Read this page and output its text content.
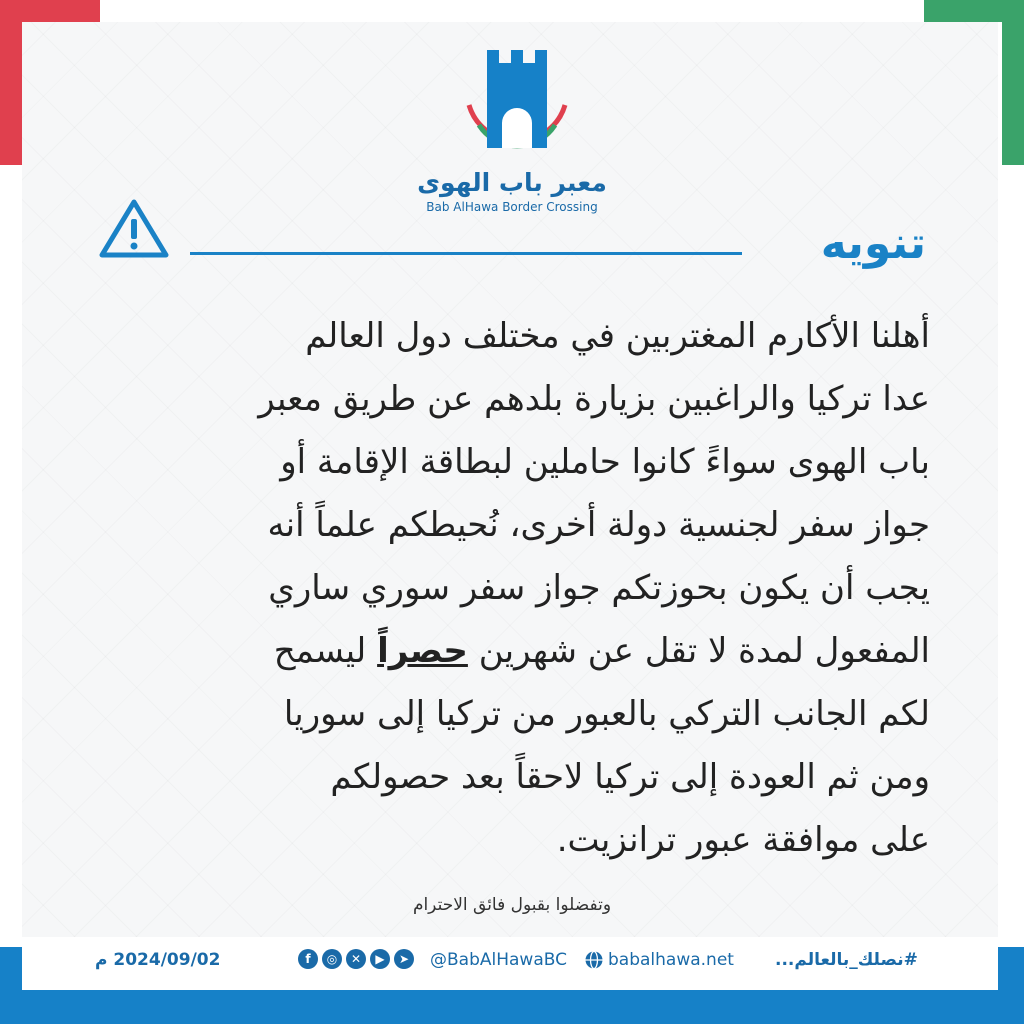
معبر باب الهوى
Bab AlHawa Border Crossing
تنويه

أهلنا الأكارم المغتربين في مختلف دول العالم

عدا تركيا والراغبين بزيارة بلدهم عن طريق معبر

باب الهوى سواءً كانوا حاملين لبطاقة الإقامة أو

جواز سفر لجنسية دولة أخرى، نُحيطكم علماً أنه

يجب أن يكون بحوزتكم جواز سفر سوري ساري

المفعول لمدة لا تقل عن شهرين حصراً ليسمح

لكم الجانب التركي بالعبور من تركيا إلى سوريا

ومن ثم العودة إلى تركيا لاحقاً بعد حصولكم

على موافقة عبور ترانزيت.

وتفضلوا بقبول فائق الاحترام
2024/09/02 م	f	◎	✕	▶	➤ @BabAlHawaBC babalhawa.net #نصلك_بالعالم...
